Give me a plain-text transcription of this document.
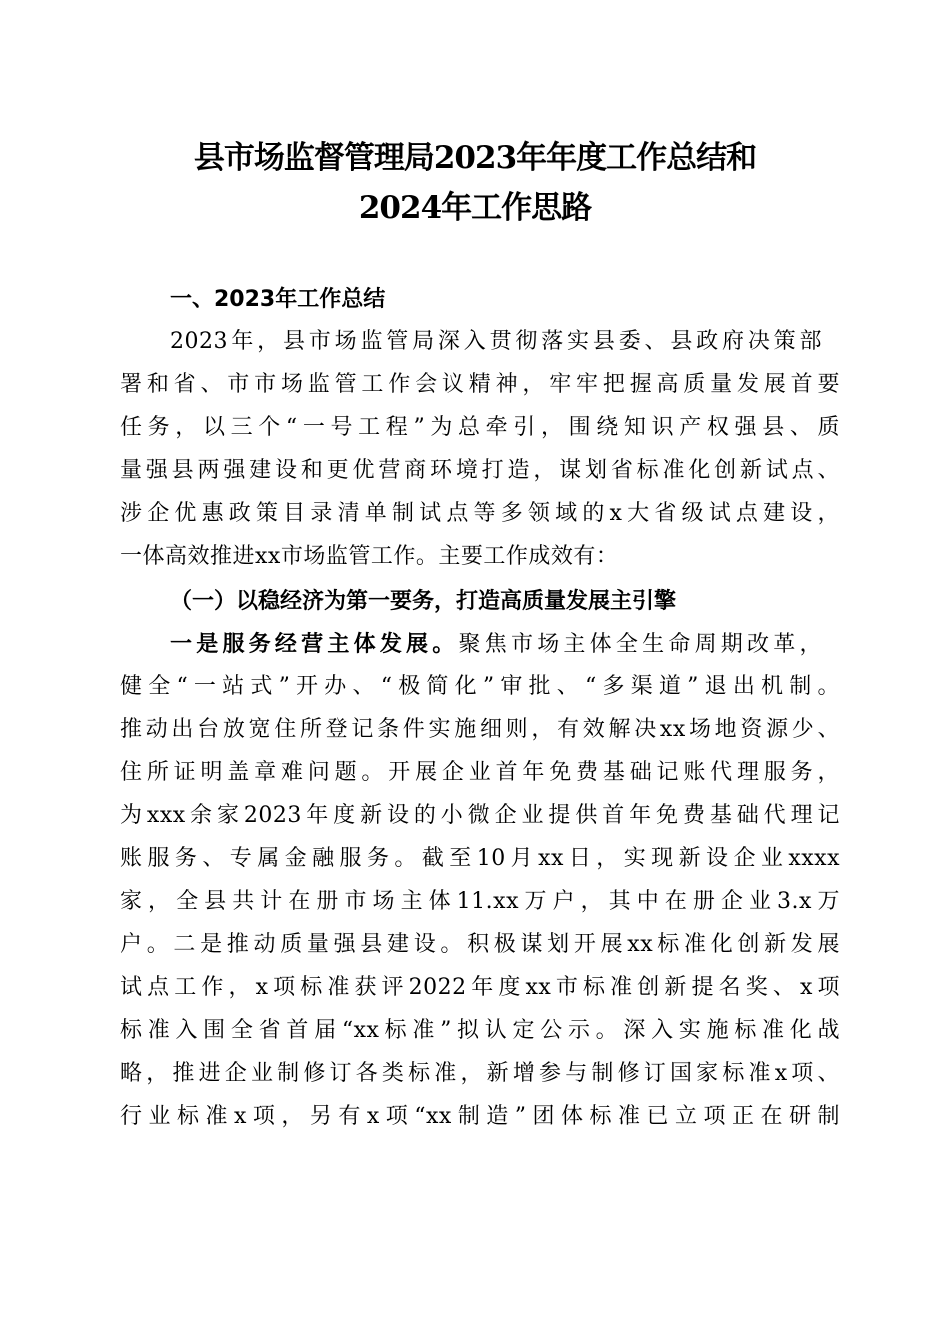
县市场监督管理局2023年年度工作总结和
2024年工作思路
一、2023年工作总结
2023年，县市场监管局深入贯彻落实县委、县政府决策部
署和省、市市场监管工作会议精神，牢牢把握高质量发展首要
任务，以三个“一号工程”为总牵引，围绕知识产权强县、质
量强县两强建设和更优营商环境打造，谋划省标准化创新试点、
涉企优惠政策目录清单制试点等多领域的x大省级试点建设，
一体高效推进xx市场监管工作。主要工作成效有：
（一）以稳经济为第一要务，打造高质量发展主引擎
一是服务经营主体发展。聚焦市场主体全生命周期改革，
健全“一站式”开办、“极简化”审批、“多渠道”退出机制。
推动出台放宽住所登记条件实施细则，有效解决xx场地资源少、
住所证明盖章难问题。开展企业首年免费基础记账代理服务，
为xxx余家2023年度新设的小微企业提供首年免费基础代理记
账服务、专属金融服务。截至10月xx日，实现新设企业xxxx
家，全县共计在册市场主体11.xx万户，其中在册企业3.x万
户。二是推动质量强县建设。积极谋划开展xx标准化创新发展
试点工作，x项标准获评2022年度xx市标准创新提名奖、x项
标准入围全省首届“xx标准”拟认定公示。深入实施标准化战
略，推进企业制修订各类标准，新增参与制修订国家标准x项、
行业标准x项，另有x项“xx制造”团体标准已立项正在研制
